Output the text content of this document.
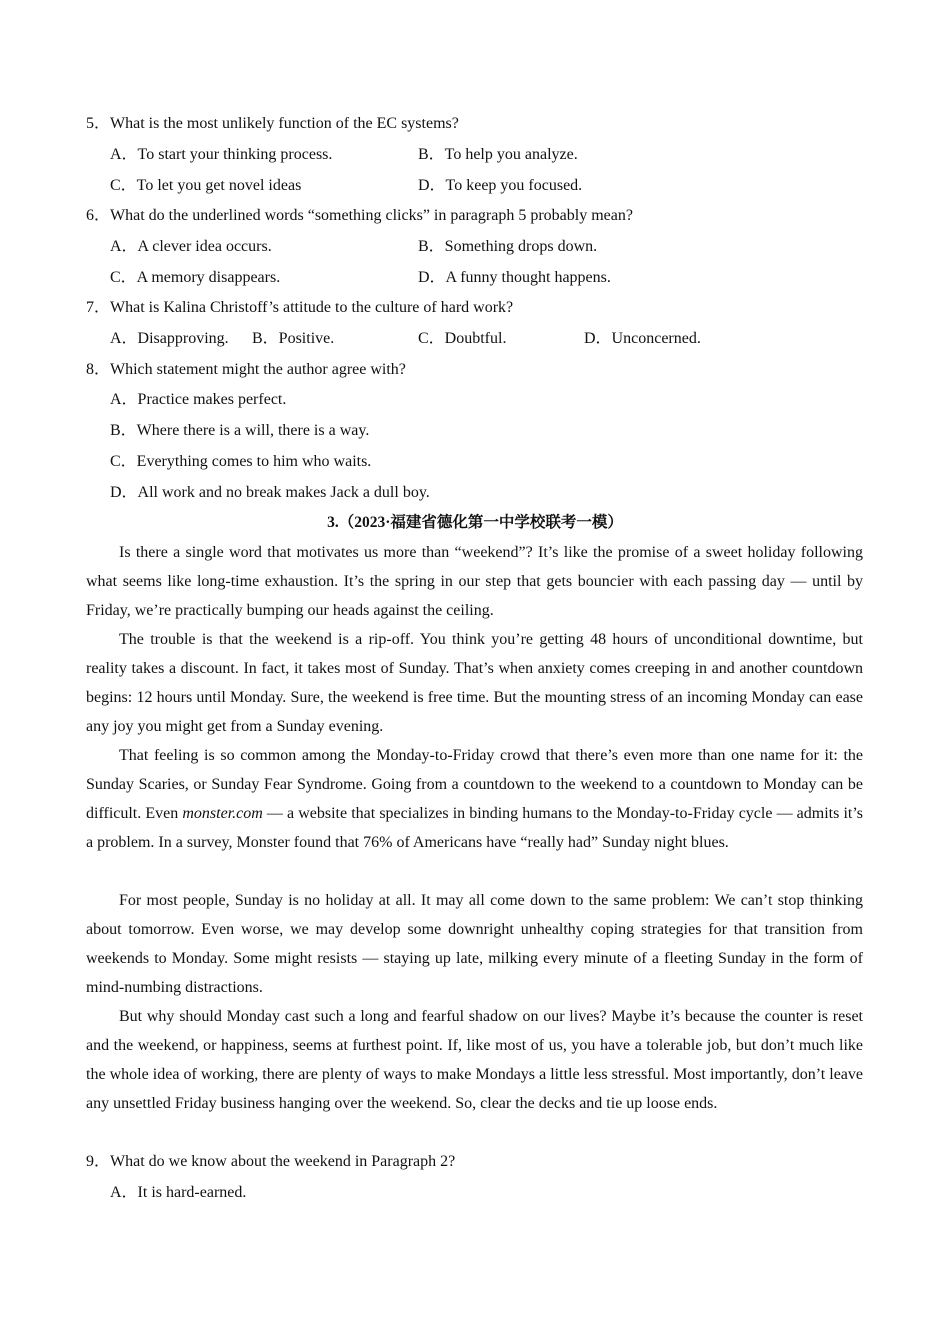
5．What is the most unlikely function of the EC systems?
A．To start your thinking process.	B．To help you analyze.
C．To let you get novel ideas	D．To keep you focused.
6．What do the underlined words “something clicks” in paragraph 5 probably mean?
A．A clever idea occurs.	B．Something drops down.
C．A memory disappears.	D．A funny thought happens.
7．What is Kalina Christoff’s attitude to the culture of hard work?
A．Disapproving. B．Positive.	C．Doubtful.	D．Unconcerned.
8．Which statement might the author agree with?
A．Practice makes perfect.
B．Where there is a will, there is a way.
C．Everything comes to him who waits.
D．All work and no break makes Jack a dull boy.
3.（2023·福建省德化第一中学校联考一模）

Is there a single word that motivates us more than “weekend”? It’s like the promise of a sweet holiday following what seems like long-time exhaustion. It’s the spring in our step that gets bouncier with each passing day — until by Friday, we’re practically bumping our heads against the ceiling.

The trouble is that the weekend is a rip-off. You think you’re getting 48 hours of unconditional downtime, but reality takes a discount. In fact, it takes most of Sunday. That’s when anxiety comes creeping in and another countdown begins: 12 hours until Monday. Sure, the weekend is free time. But the mounting stress of an incoming Monday can ease any joy you might get from a Sunday evening.

That feeling is so common among the Monday-to-Friday crowd that there’s even more than one name for it: the Sunday Scaries, or Sunday Fear Syndrome. Going from a countdown to the weekend to a countdown to Monday can be difficult. Even monster.com — a website that specializes in binding humans to the Monday-to-Friday cycle — admits it’s a problem. In a survey, Monster found that 76% of Americans have “really had” Sunday night blues.

For most people, Sunday is no holiday at all. It may all come down to the same problem: We can’t stop thinking about tomorrow. Even worse, we may develop some downright unhealthy coping strategies for that transition from weekends to Monday. Some might resists — staying up late, milking every minute of a fleeting Sunday in the form of mind-numbing distractions.

But why should Monday cast such a long and fearful shadow on our lives? Maybe it’s because the counter is reset and the weekend, or happiness, seems at furthest point. If, like most of us, you have a tolerable job, but don’t much like the whole idea of working, there are plenty of ways to make Mondays a little less stressful. Most importantly, don’t leave any unsettled Friday business hanging over the weekend. So, clear the decks and tie up loose ends.

9．What do we know about the weekend in Paragraph 2?
A．It is hard-earned.
